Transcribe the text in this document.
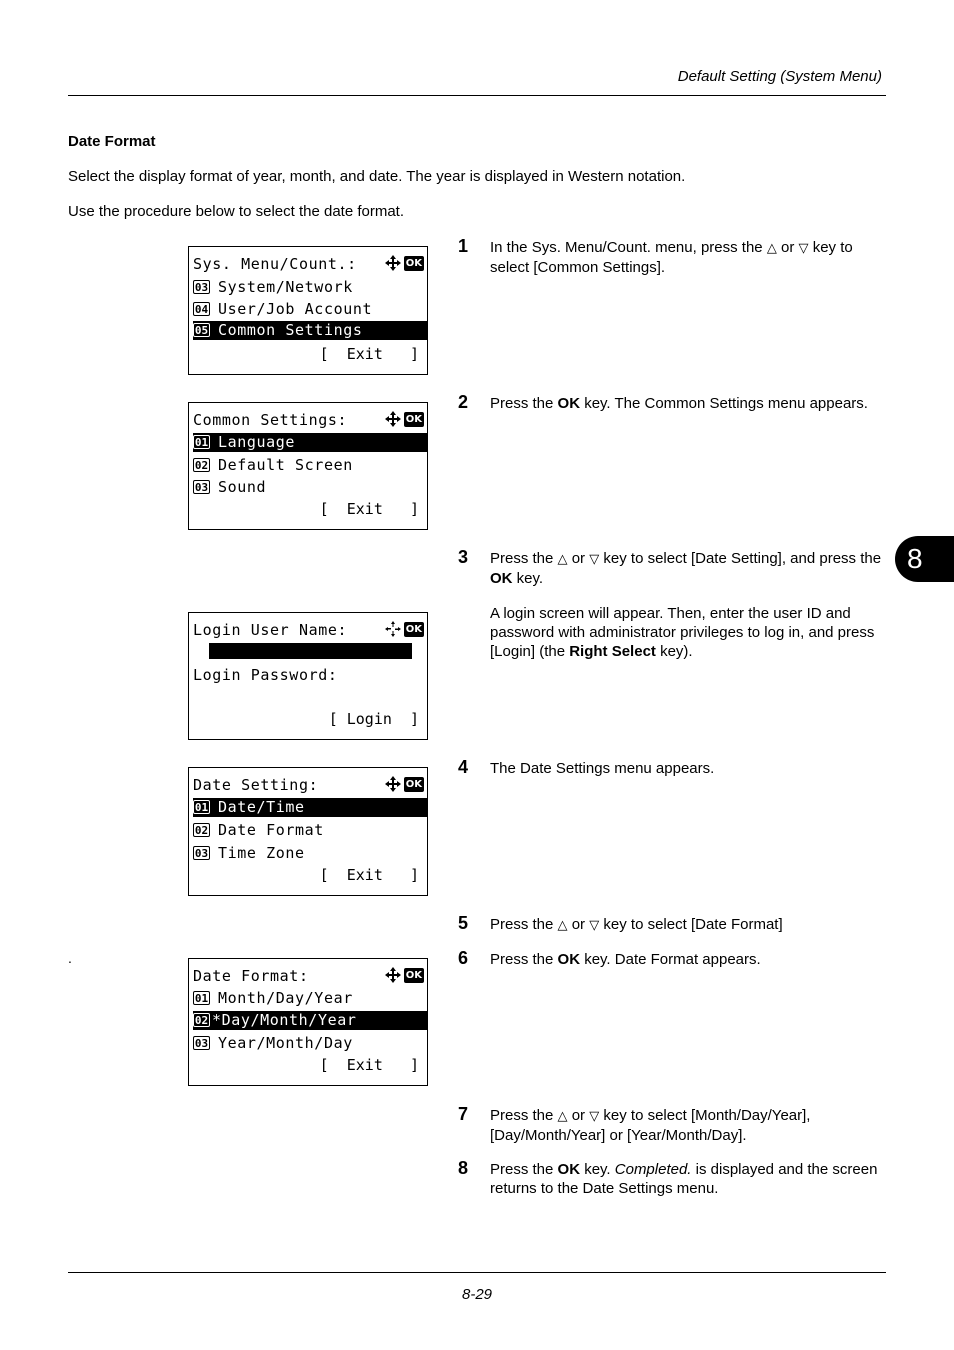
Default Setting (System Menu)
Date Format
Select the display format of year, month, and date. The year is displayed in Western notation.
Use the procedure below to select the date format.
Sys. Menu/Count.:	OK
03 System/Network
04 User/Job Account
05 Common Settings
[  Exit   ]
Common Settings:	OK
01 Language
02 Default Screen
03 Sound
[  Exit   ]
Login User Name:	OK
Login Password:
[ Login  ]
Date Setting:	OK
01 Date/Time
02 Date Format
03 Time Zone
[  Exit   ]
Date Format:	OK
01 Month/Day/Year
02 *Day/Month/Year
03 Year/Month/Day
[  Exit   ]
1 In the Sys. Menu/Count. menu, press the △ or ▽ key to select [Common Settings].
2 Press the OK key. The Common Settings menu appears.
3 Press the △ or ▽ key to select [Date Setting], and press the OK key.
A login screen will appear. Then, enter the user ID and password with administrator privileges to log in, and press [Login] (the Right Select key).
8
4 The Date Settings menu appears.
5 Press the △ or ▽ key to select [Date Format]
.	6 Press the OK key. Date Format appears.
7 Press the △ or ▽ key to select [Month/Day/Year], [Day/Month/Year] or [Year/Month/Day].
8 Press the OK key. Completed. is displayed and the screen returns to the Date Settings menu.
8-29
